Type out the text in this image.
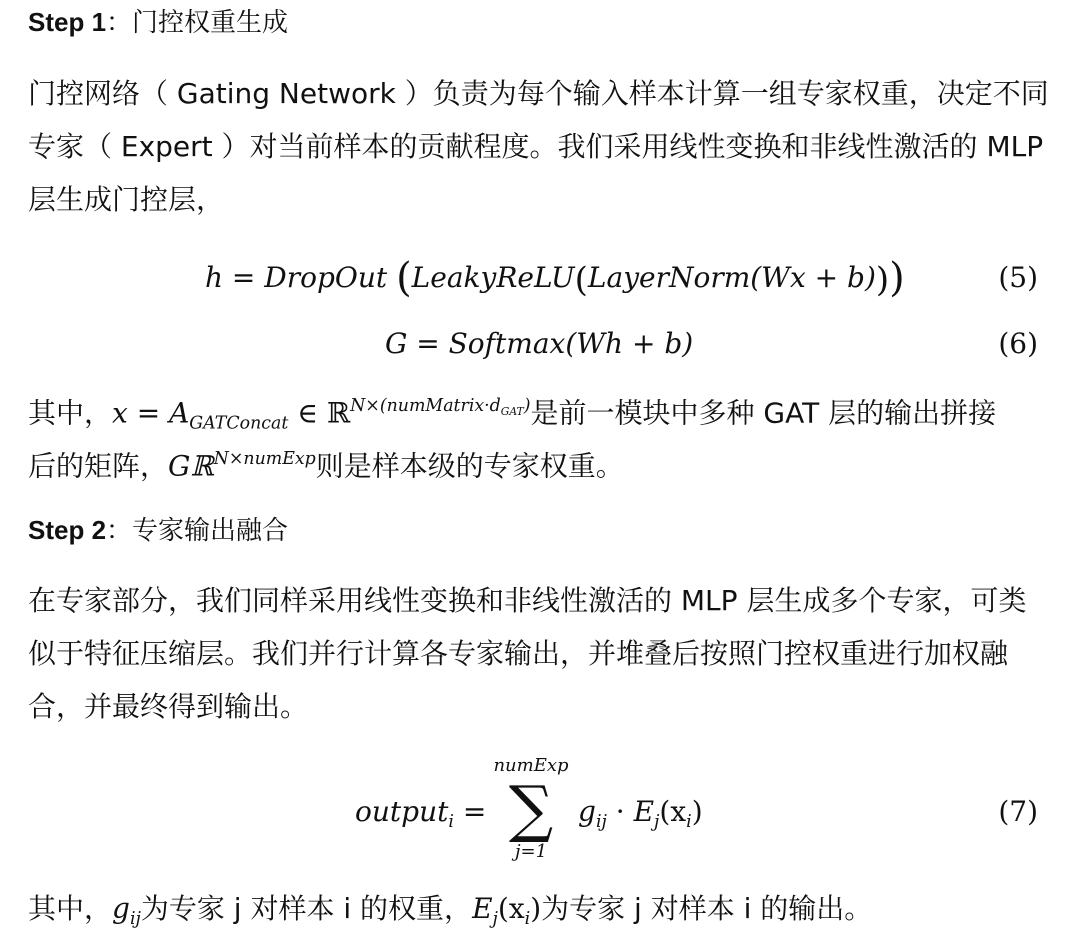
Step 1：门控权重生成
门控网络（ Gating Network ）负责为每个输入样本计算一组专家权重，决定不同
专家（ Expert ）对当前样本的贡献程度。我们采用线性变换和非线性激活的 MLP
层生成门控层，
h = DropOut (LeakyReLU(LayerNorm(Wx + b)))	(5)
G = Softmax(Wh + b)	(6)
其中，$x = A_{GATConcat}$ ∈ ℝ$^{N\times(numMatrix\cdot d_{GAT})}$是前一模块中多种 GAT 层的输出拼接
后的矩阵，Gℝ$^{N\times numExp}$则是样本级的专家权重。
Step 2：专家输出融合
在专家部分，我们同样采用线性变换和非线性激活的 MLP 层生成多个专家，可类
似于特征压缩层。我们并行计算各专家输出，并堆叠后按照门控权重进行加权融
合，并最终得到输出。
output$_i$ =	$g_{ij} \cdot E_j(x_i)$	(7)
numExp
∑
j=1
其中，$g_{ij}$为专家 j 对样本 i 的权重，$E_j(x_i)$为专家 j 对样本 i 的输出。
